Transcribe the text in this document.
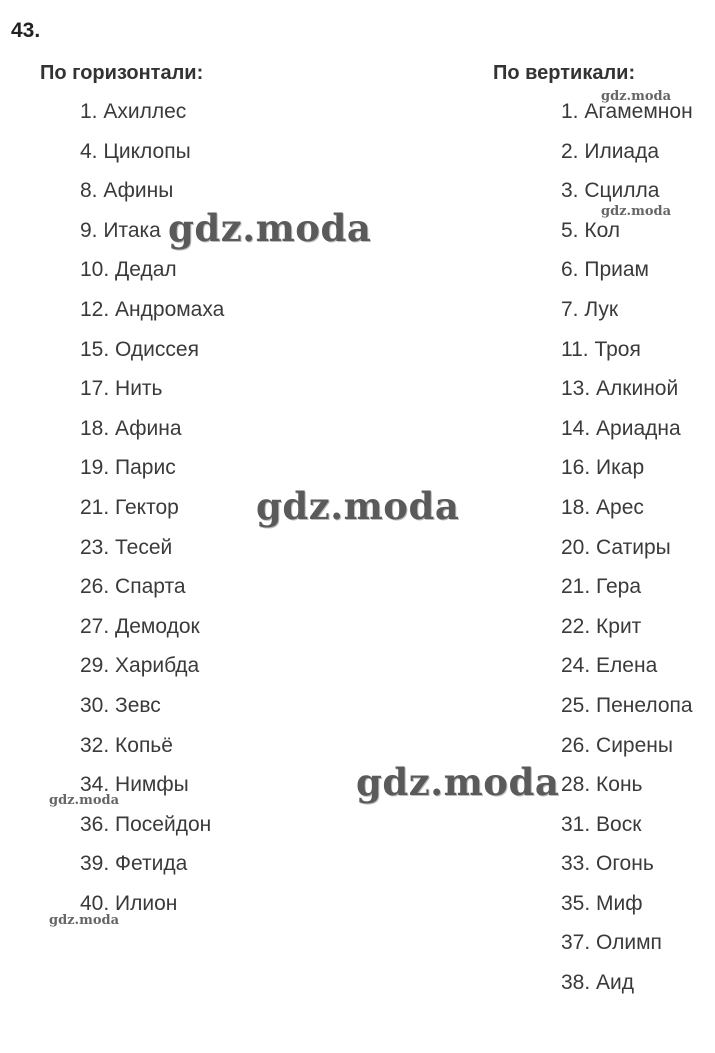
43.
По горизонтали:	По вертикали:
1. Ахиллес
4. Циклопы
8. Афины
9. Итака
10. Дедал
12. Андромаха
15. Одиссея
17. Нить
18. Афина
19. Парис
21. Гектор
23. Тесей
26. Спарта
27. Демодок
29. Харибда
30. Зевс
32. Копьё
34. Нимфы
36. Посейдон
39. Фетида
40. Илион
1. Агамемнон
2. Илиада
3. Сцилла
5. Кол
6. Приам
7. Лук
11. Троя
13. Алкиной
14. Ариадна
16. Икар
18. Арес
20. Сатиры
21. Гера
22. Крит
24. Елена
25. Пенелопа
26. Сирены
28. Конь
31. Воск
33. Огонь
35. Миф
37. Олимп
38. Аид
gdz.moda
gdz.moda
gdz.moda
gdz.moda
gdz.moda
gdz.moda
gdz.moda
